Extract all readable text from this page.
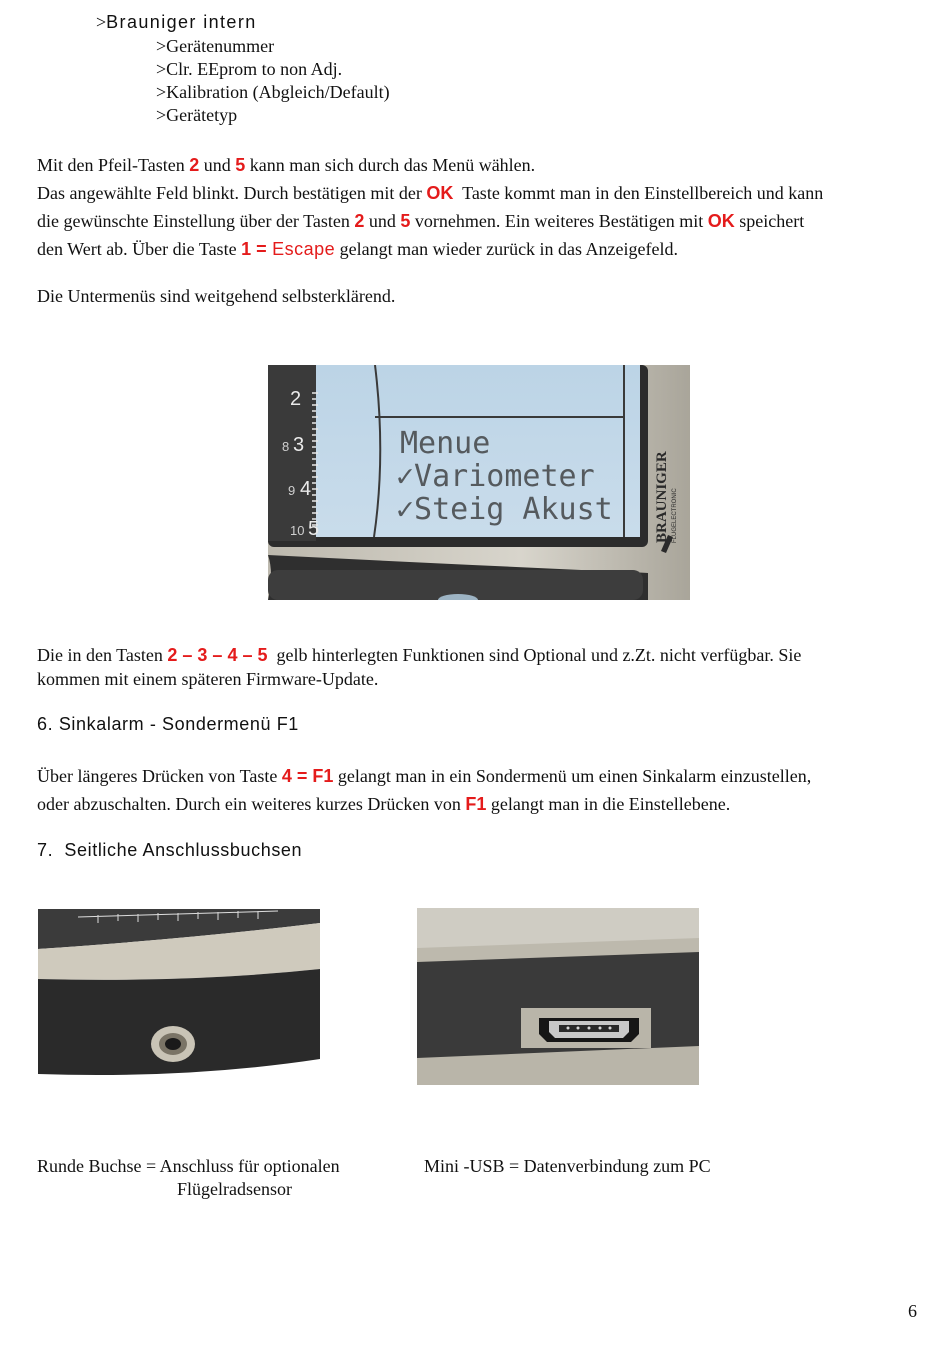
>Brauniger intern
>Gerätenummer
>Clr. EEprom to non Adj.
>Kalibration (Abgleich/Default)
>Gerätetyp
Mit den Pfeil-Tasten 2 und 5 kann man sich durch das Menü wählen.
Das angewählte Feld blinkt. Durch bestätigen mit der OK  Taste kommt man in den Einstellbereich und kann
die gewünschte Einstellung über der Tasten 2 und 5 vornehmen. Ein weiteres Bestätigen mit OK speichert
den Wert ab. Über die Taste 1 = Escape gelangt man wieder zurück in das Anzeigefeld.
Die Untermenüs sind weitgehend selbsterklärend.
2
8 3
9 4
10 5
Menue
✓Variometer
✓Steig Akust	BRAUNIGER FLUGELECTRONIC
Die in den Tasten 2 – 3 – 4 – 5  gelb hinterlegten Funktionen sind Optional und z.Zt. nicht verfügbar. Sie
kommen mit einem späteren Firmware-Update.
6. Sinkalarm - Sondermenü F1
Über längeres Drücken von Taste 4 = F1 gelangt man in ein Sondermenü um einen Sinkalarm einzustellen,
oder abzuschalten. Durch ein weiteres kurzes Drücken von F1 gelangt man in die Einstellebene.
7.  Seitliche Anschlussbuchsen
Runde Buchse = Anschluss für optionalen
Flügelradsensor
Mini -USB = Datenverbindung zum PC
6
